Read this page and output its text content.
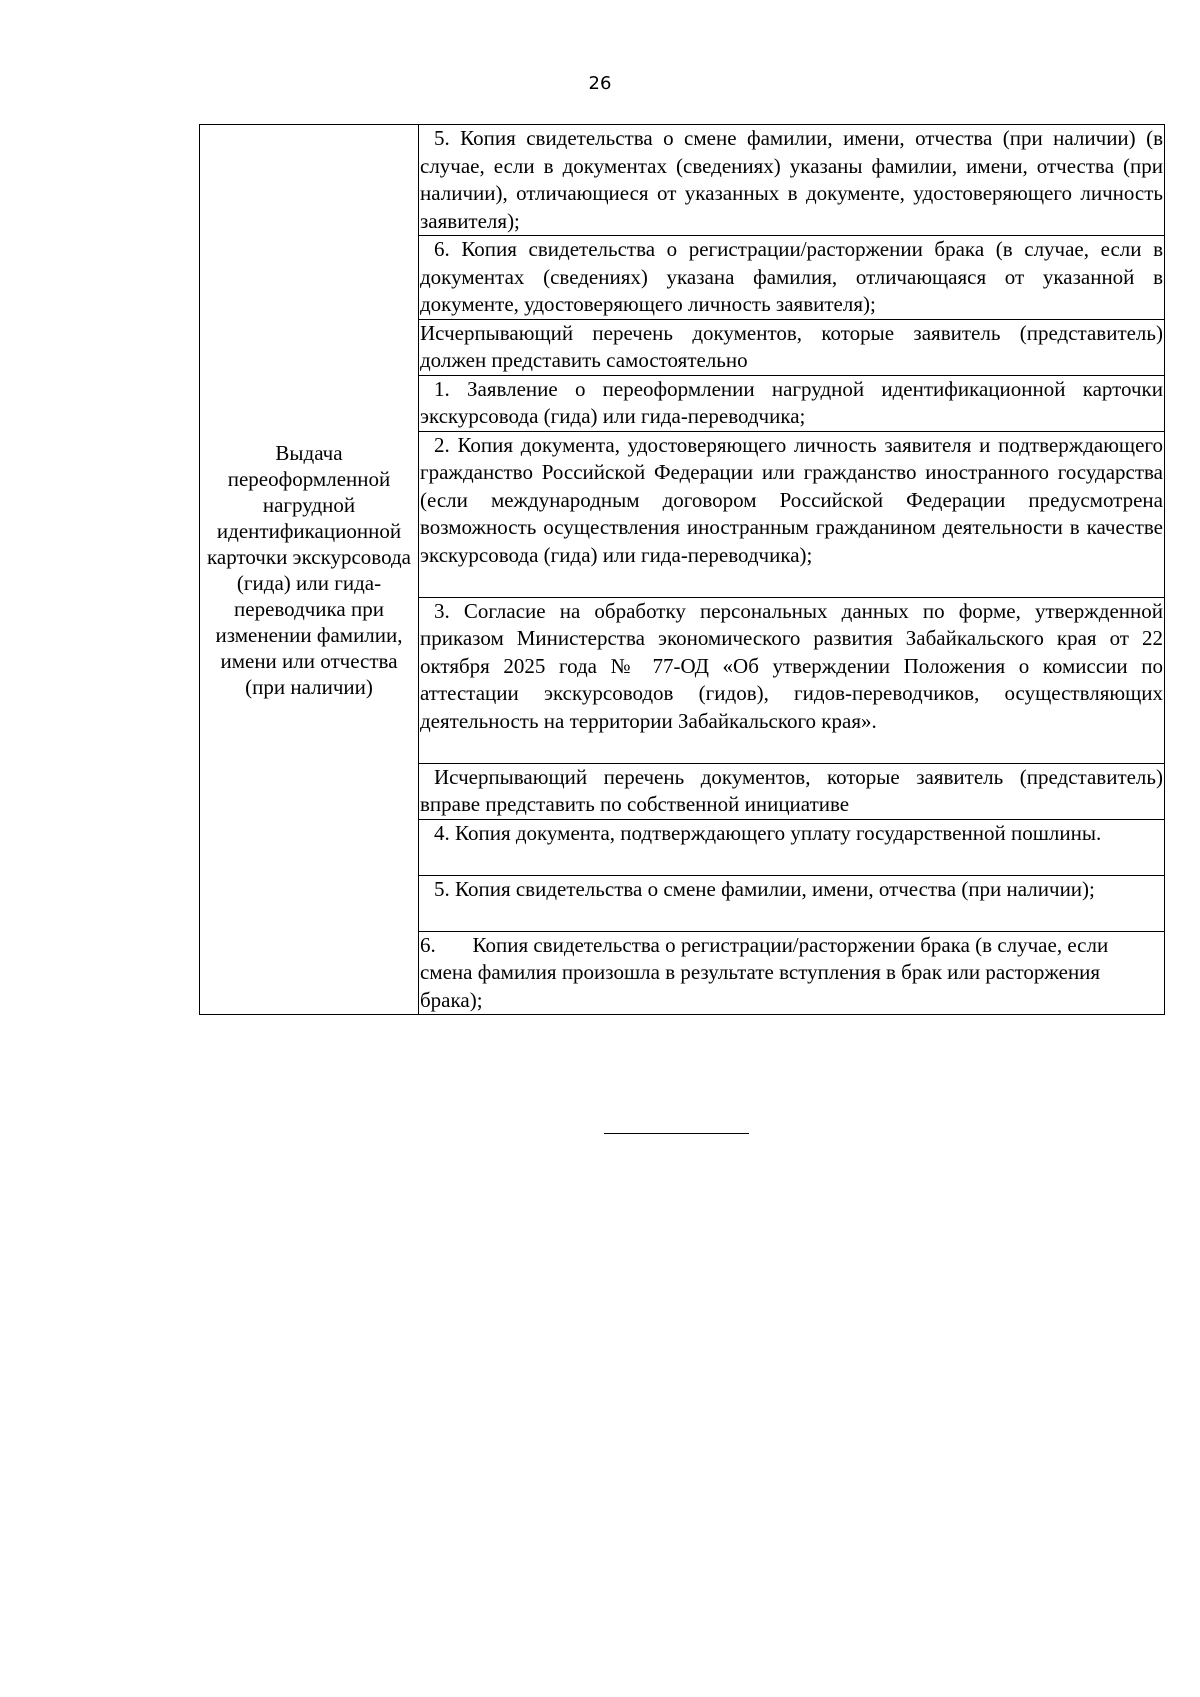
26
Выдача переоформленной нагрудной идентификационной карточки экскурсовода (гида) или гида-переводчика при изменении фамилии, имени или отчества (при наличии)	5. Копия свидетельства о смене фамилии, имени, отчества (при наличии) (в случае, если в документах (сведениях) указаны фамилии, имени, отчества (при наличии), отличающиеся от указанных в документе, удостоверяющего личность заявителя);
6. Копия свидетельства о регистрации/расторжении брака (в случае, если в документах (сведениях) указана фамилия, отличающаяся от указанной в документе, удостоверяющего личность заявителя);
Исчерпывающий перечень документов, которые заявитель (представитель) должен представить самостоятельно
1. Заявление о переоформлении нагрудной идентификационной карточки экскурсовода (гида) или гида-переводчика;
2. Копия документа, удостоверяющего личность заявителя и подтверждающего гражданство Российской Федерации или гражданство иностранного государства (если международным договором Российской Федерации предусмотрена возможность осуществления иностранным гражданином деятельности в качестве экскурсовода (гида) или гида-переводчика);
3. Согласие на обработку персональных данных по форме, утвержденной приказом Министерства экономического развития Забайкальского края от 22 октября 2025 года № 77-ОД «Об утверждении Положения о комиссии по аттестации экскурсоводов (гидов), гидов-переводчиков, осуществляющих деятельность на территории Забайкальского края».
Исчерпывающий перечень документов, которые заявитель (представитель) вправе представить по собственной инициативе
4. Копия документа, подтверждающего уплату государственной пошлины.
5. Копия свидетельства о смене фамилии, имени, отчества (при наличии);
6.       Копия свидетельства о регистрации/расторжении брака (в случае, если смена фамилия произошла в результате вступления в брак или расторжения брака);
